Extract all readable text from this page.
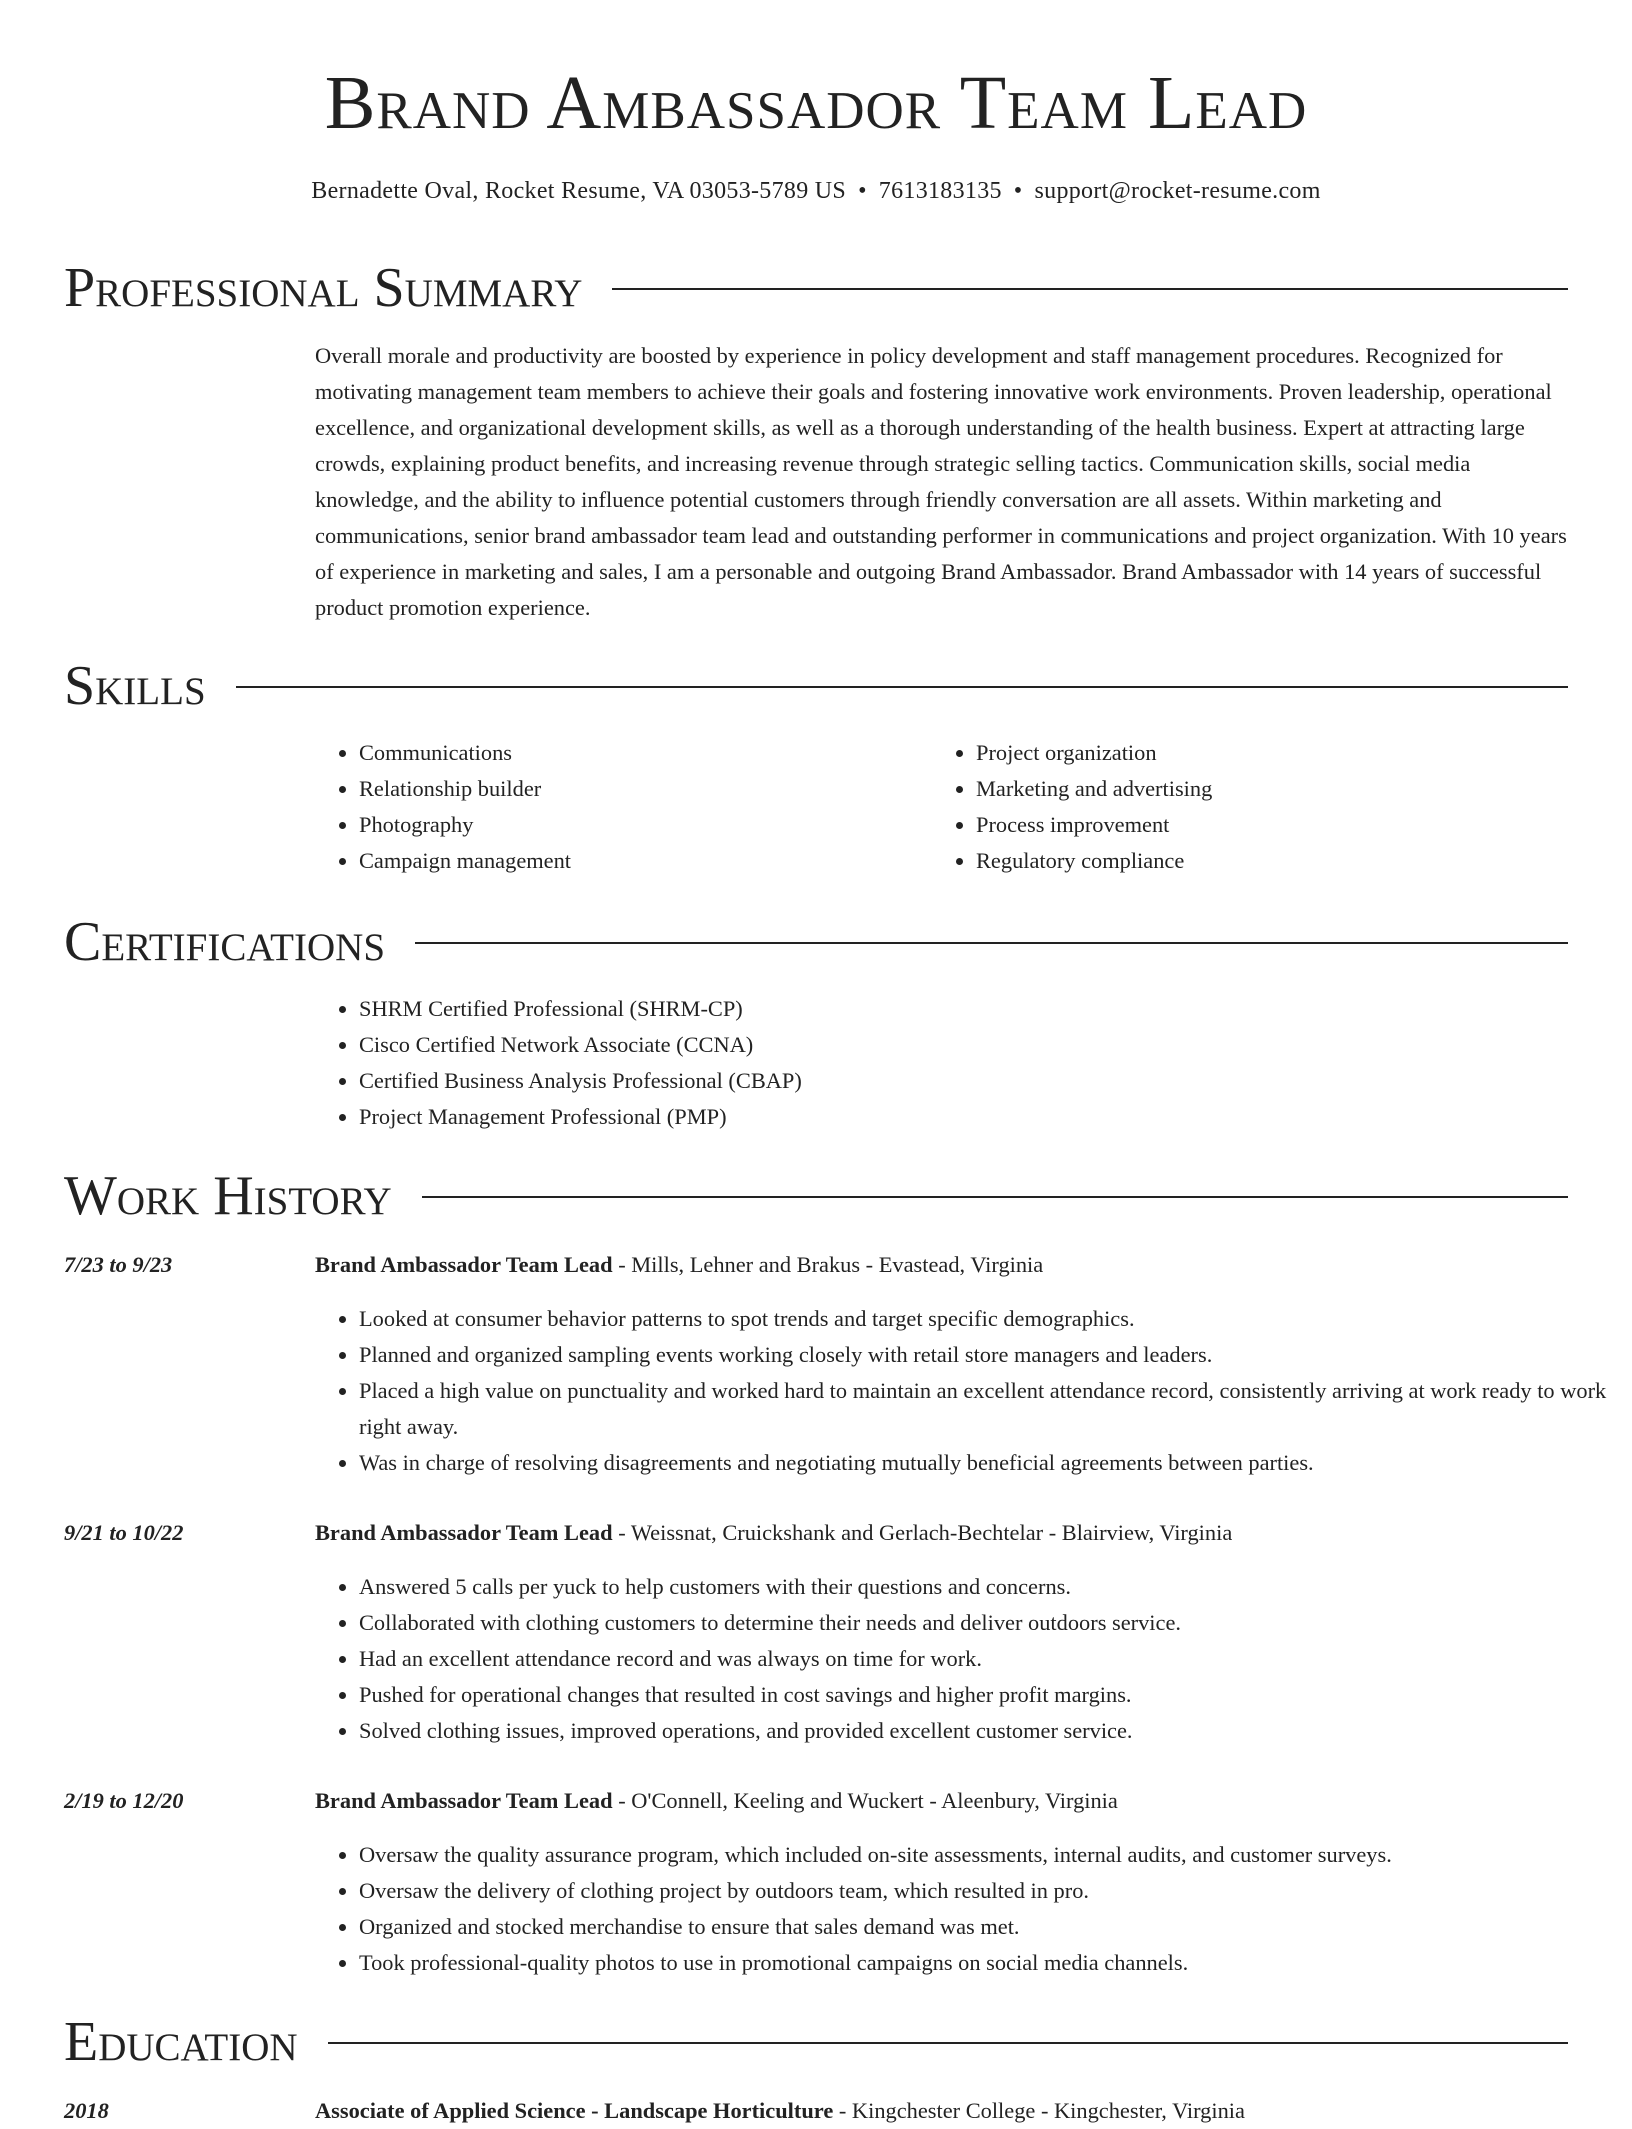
Brand Ambassador Team Lead
Bernadette Oval, Rocket Resume, VA 03053-5789 US • 7613183135 • support@rocket-resume.com
Professional Summary

Overall morale and productivity are boosted by experience in policy development and staff management procedures. Recognized for motivating management team members to achieve their goals and fostering innovative work environments. Proven leadership, operational excellence, and organizational development skills, as well as a thorough understanding of the health business. Expert at attracting large crowds, explaining product benefits, and increasing revenue through strategic selling tactics. Communication skills, social media knowledge, and the ability to influence potential customers through friendly conversation are all assets. Within marketing and communications, senior brand ambassador team lead and outstanding performer in communications and project organization. With 10 years of experience in marketing and sales, I am a personable and outgoing Brand Ambassador. Brand Ambassador with 14 years of successful product promotion experience.

Skills
• Communications
• Relationship builder
• Photography
• Campaign management
• Project organization
• Marketing and advertising
• Process improvement
• Regulatory compliance
Certifications
• SHRM Certified Professional (SHRM-CP)
• Cisco Certified Network Associate (CCNA)
• Certified Business Analysis Professional (CBAP)
• Project Management Professional (PMP)
Work History
7/23 to 9/23	Brand Ambassador Team Lead - Mills, Lehner and Brakus - Evastead, Virginia
• Looked at consumer behavior patterns to spot trends and target specific demographics.
• Planned and organized sampling events working closely with retail store managers and leaders.
• Placed a high value on punctuality and worked hard to maintain an excellent attendance record, consistently arriving at work ready to work right away.
• Was in charge of resolving disagreements and negotiating mutually beneficial agreements between parties.
9/21 to 10/22	Brand Ambassador Team Lead - Weissnat, Cruickshank and Gerlach-Bechtelar - Blairview, Virginia
• Answered 5 calls per yuck to help customers with their questions and concerns.
• Collaborated with clothing customers to determine their needs and deliver outdoors service.
• Had an excellent attendance record and was always on time for work.
• Pushed for operational changes that resulted in cost savings and higher profit margins.
• Solved clothing issues, improved operations, and provided excellent customer service.
2/19 to 12/20	Brand Ambassador Team Lead - O'Connell, Keeling and Wuckert - Aleenbury, Virginia
• Oversaw the quality assurance program, which included on-site assessments, internal audits, and customer surveys.
• Oversaw the delivery of clothing project by outdoors team, which resulted in pro.
• Organized and stocked merchandise to ensure that sales demand was met.
• Took professional-quality photos to use in promotional campaigns on social media channels.
Education
2018	Associate of Applied Science - Landscape Horticulture - Kingchester College - Kingchester, Virginia
